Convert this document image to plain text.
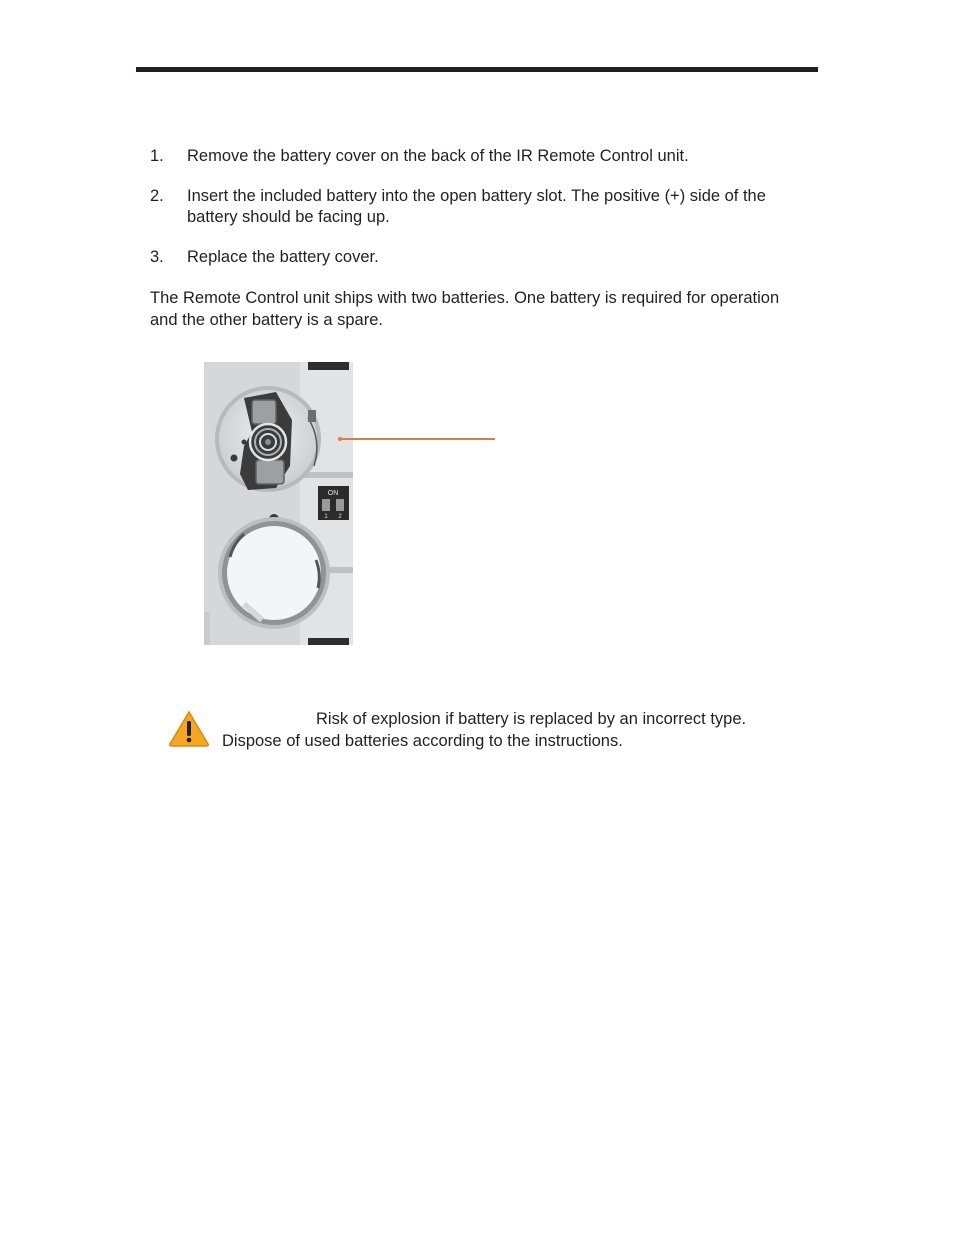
1.	Remove the battery cover on the back of the IR Remote Control unit.
2.	Insert the included battery into the open battery slot. The positive (+) side of the battery should be facing up.
3.	Replace the battery cover.
The Remote Control unit ships with two batteries. One battery is required for operation and the other battery is a spare.
ON
1 2
Risk of explosion if battery is replaced by an incorrect type.
Dispose of used batteries according to the instructions.
